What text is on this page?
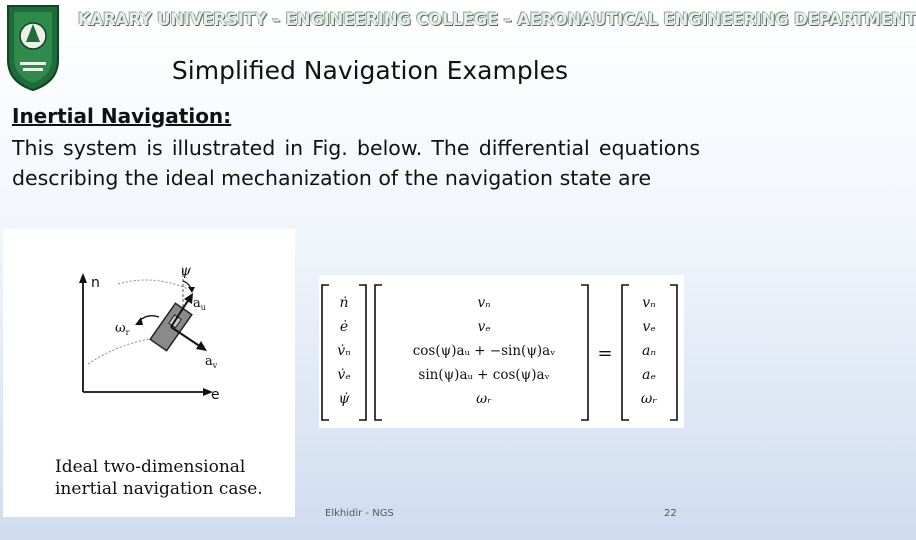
KARARY UNIVERSITY – ENGINEERING COLLEGE – AERONAUTICAL ENGINEERING DEPARTMENT
Simplified Navigation Examples
Inertial Navigation:
This system is illustrated in Fig. below. The differential equations describing the ideal mechanization of the navigation state are
n
e
ψ
$a_u$
$a_v$
$\omega_r$
Ideal two-dimensional
inertial navigation case.
ṅ
ė
v̇ₙ
v̇ₑ
ψ̇
vₙ
vₑ
cos(ψ)aᵤ + −sin(ψ)aᵥ
sin(ψ)aᵤ + cos(ψ)aᵥ
ωᵣ
=
vₙ
vₑ
aₙ
aₑ
ωᵣ
Elkhidir - NGS	22
